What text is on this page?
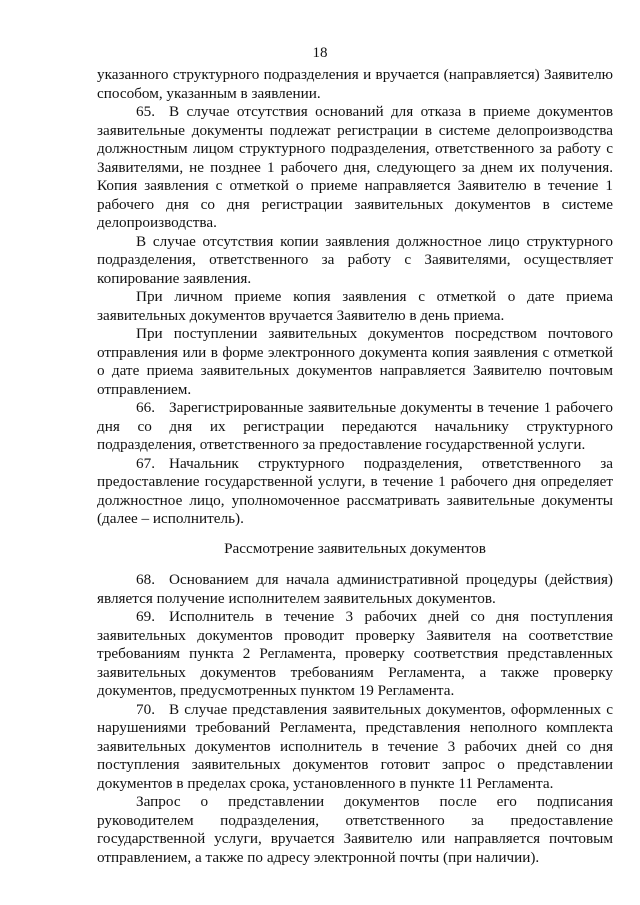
18

указанного структурного подразделения и вручается (направляется) Заявителю способом, указанным в заявлении.

65. В случае отсутствия оснований для отказа в приеме документов заявительные документы подлежат регистрации в системе делопроизводства должностным лицом структурного подразделения, ответственного за работу с Заявителями, не позднее 1 рабочего дня, следующего за днем их получения. Копия заявления с отметкой о приеме направляется Заявителю в течение 1 рабочего дня со дня регистрации заявительных документов в системе делопроизводства.

В случае отсутствия копии заявления должностное лицо структурного подразделения, ответственного за работу с Заявителями, осуществляет копирование заявления.

При личном приеме копия заявления с отметкой о дате приема заявительных документов вручается Заявителю в день приема.

При поступлении заявительных документов посредством почтового отправления или в форме электронного документа копия заявления с отметкой о дате приема заявительных документов направляется Заявителю почтовым отправлением.

66. Зарегистрированные заявительные документы в течение 1 рабочего дня со дня их регистрации передаются начальнику структурного подразделения, ответственного за предоставление государственной услуги.

67. Начальник структурного подразделения, ответственного за предоставление государственной услуги, в течение 1 рабочего дня определяет должностное лицо, уполномоченное рассматривать заявительные документы (далее – исполнитель).

Рассмотрение заявительных документов

68. Основанием для начала административной процедуры (действия) является получение исполнителем заявительных документов.

69. Исполнитель в течение 3 рабочих дней со дня поступления заявительных документов проводит проверку Заявителя на соответствие требованиям пункта 2 Регламента, проверку соответствия представленных заявительных документов требованиям Регламента, а также проверку документов, предусмотренных пунктом 19 Регламента.

70. В случае представления заявительных документов, оформленных с нарушениями требований Регламента, представления неполного комплекта заявительных документов исполнитель в течение 3 рабочих дней со дня поступления заявительных документов готовит запрос о представлении документов в пределах срока, установленного в пункте 11 Регламента.

Запрос о представлении документов после его подписания руководителем подразделения, ответственного за предоставление государственной услуги, вручается Заявителю или направляется почтовым отправлением, а также по адресу электронной почты (при наличии).
